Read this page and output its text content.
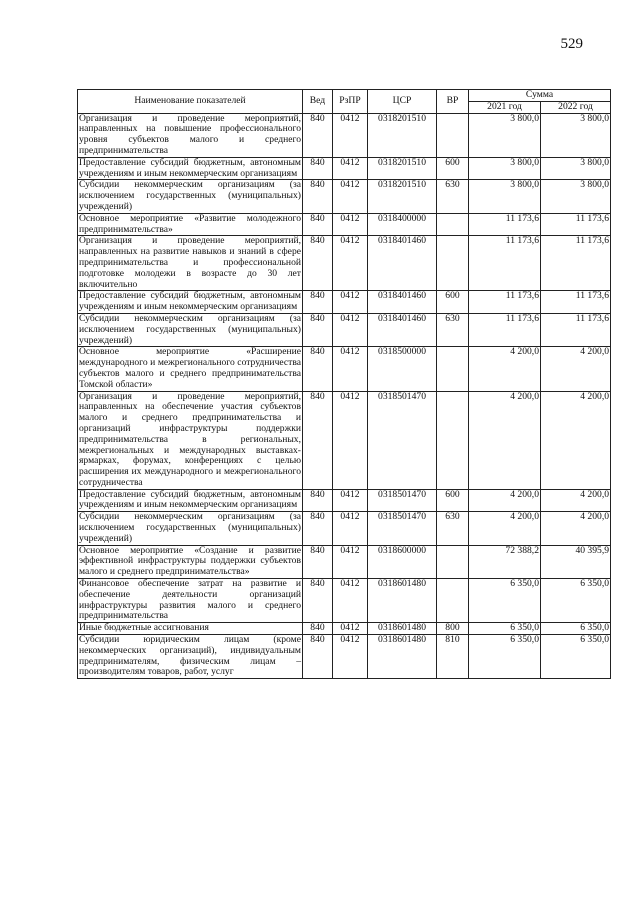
529
Наименование показателей	Вед	РзПР	ЦСР	ВР	Сумма	
					2021 год	2022 год
Организация и проведение мероприятий, направленных на повышение профессионального уровня субъектов малого и среднего предпринимательства	840	0412	0318201510		3 800,0	3 800,0
Предоставление субсидий бюджетным, автономным учреждениям и иным некоммерческим организациям	840	0412	0318201510	600	3 800,0	3 800,0
Субсидии некоммерческим организациям (за исключением государственных (муниципальных) учреждений)	840	0412	0318201510	630	3 800,0	3 800,0
Основное мероприятие «Развитие молодежного предпринимательства»	840	0412	0318400000		11 173,6	11 173,6
Организация и проведение мероприятий, направленных на развитие навыков и знаний в сфере предпринимательства и профессиональной подготовке молодежи в возрасте до 30 лет включительно	840	0412	0318401460		11 173,6	11 173,6
Предоставление субсидий бюджетным, автономным учреждениям и иным некоммерческим организациям	840	0412	0318401460	600	11 173,6	11 173,6
Субсидии некоммерческим организациям (за исключением государственных (муниципальных) учреждений)	840	0412	0318401460	630	11 173,6	11 173,6
Основное мероприятие «Расширение международного и межрегионального сотрудничества субъектов малого и среднего предпринимательства Томской области»	840	0412	0318500000		4 200,0	4 200,0
Организация и проведение мероприятий, направленных на обеспечение участия субъектов малого и среднего предпринимательства и организаций инфраструктуры поддержки предпринимательства в региональных, межрегиональных и международных выставках-ярмарках, форумах, конференциях с целью расширения их международного и межрегионального сотрудничества	840	0412	0318501470		4 200,0	4 200,0
Предоставление субсидий бюджетным, автономным учреждениям и иным некоммерческим организациям	840	0412	0318501470	600	4 200,0	4 200,0
Субсидии некоммерческим организациям (за исключением государственных (муниципальных) учреждений)	840	0412	0318501470	630	4 200,0	4 200,0
Основное мероприятие «Создание и развитие эффективной инфраструктуры поддержки субъектов малого и среднего предпринимательства»	840	0412	0318600000		72 388,2	40 395,9
Финансовое обеспечение затрат на развитие и обеспечение деятельности организаций инфраструктуры развития малого и среднего предпринимательства	840	0412	0318601480		6 350,0	6 350,0
Иные бюджетные ассигнования	840	0412	0318601480	800	6 350,0	6 350,0
Субсидии юридическим лицам (кроме некоммерческих организаций), индивидуальным предпринимателям, физическим лицам – производителям товаров, работ, услуг	840	0412	0318601480	810	6 350,0	6 350,0
